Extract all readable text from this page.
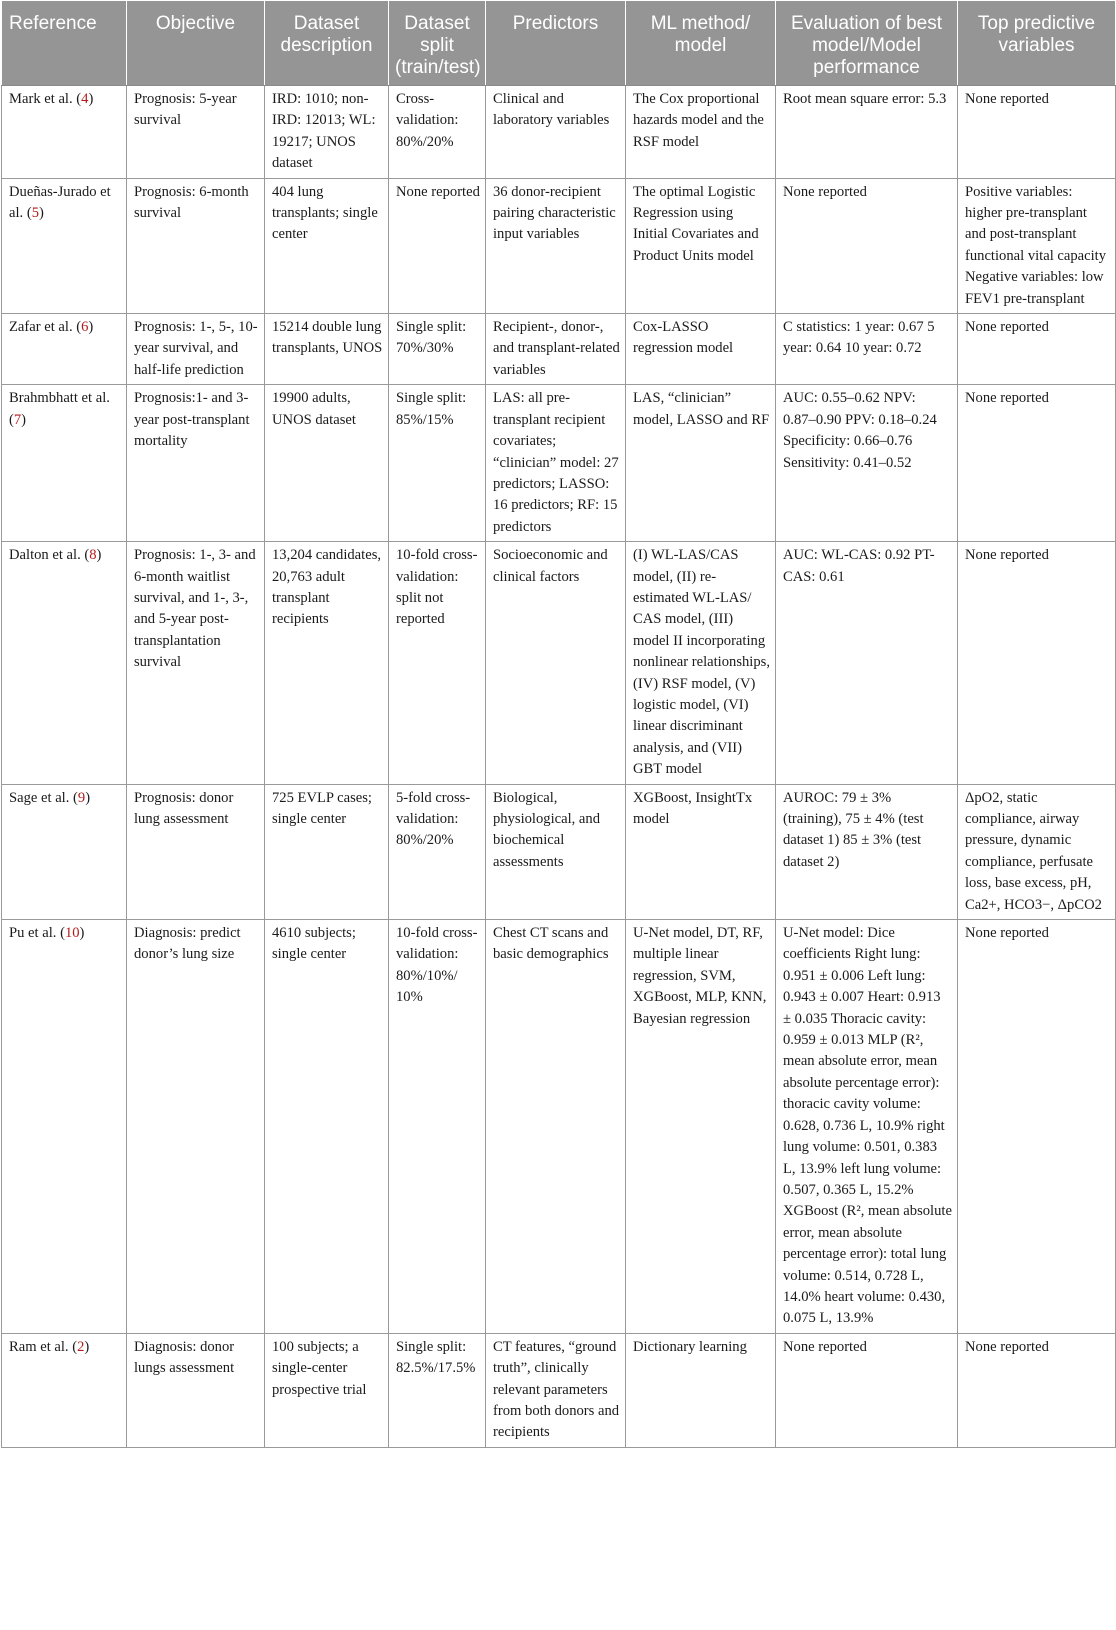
Reference	Objective	Dataset description	Dataset split (train/test)	Predictors	ML method/ model	Evaluation of best model/Model performance	Top predictive variables
Mark et al. (4)	Prognosis: 5-year survival	IRD: 1010; non-IRD: 12013; WL: 19217; UNOS dataset	Cross-validation: 80%/20%	Clinical and laboratory variables	The Cox proportional hazards model and the RSF model	Root mean square error: 5.3	None reported
Dueñas-Jurado et al. (5)	Prognosis: 6-month survival	404 lung transplants; single center	None reported	36 donor-recipient pairing characteristic input variables	The optimal Logistic Regression using Initial Covariates and Product Units model	None reported	Positive variables: higher pre-transplant and post-transplant functional vital capacity Negative variables: low FEV1 pre-transplant
Zafar et al. (6)	Prognosis: 1-, 5-, 10-year survival, and half-life prediction	15214 double lung transplants, UNOS	Single split: 70%/30%	Recipient-, donor-, and transplant-related variables	Cox-LASSO regression model	C statistics: 1 year: 0.67 5 year: 0.64 10 year: 0.72	None reported
Brahmbhatt et al. (7)	Prognosis:1- and 3-year post-transplant mortality	19900 adults, UNOS dataset	Single split: 85%/15%	LAS: all pre-transplant recipient covariates; “clinician” model: 27 predictors; LASSO: 16 predictors; RF: 15 predictors	LAS, “clinician” model, LASSO and RF	AUC: 0.55–0.62 NPV: 0.87–0.90 PPV: 0.18–0.24 Specificity: 0.66–0.76 Sensitivity: 0.41–0.52	None reported
Dalton et al. (8)	Prognosis: 1-, 3- and 6-month waitlist survival, and 1-, 3-, and 5-year post-transplantation survival	13,204 candidates, 20,763 adult transplant recipients	10-fold cross-validation: split not reported	Socioeconomic and clinical factors	(I) WL-LAS/CAS model, (II) re-estimated WL-LAS/ CAS model, (III) model II incorporating nonlinear relationships, (IV) RSF model, (V) logistic model, (VI) linear discriminant analysis, and (VII) GBT model	AUC: WL-CAS: 0.92 PT-CAS: 0.61	None reported
Sage et al. (9)	Prognosis: donor lung assessment	725 EVLP cases; single center	5-fold cross-validation: 80%/20%	Biological, physiological, and biochemical assessments	XGBoost, InsightTx model	AUROC: 79 ± 3% (training), 75 ± 4% (test dataset 1) 85 ± 3% (test dataset 2)	ΔpO2, static compliance, airway pressure, dynamic compliance, perfusate loss, base excess, pH, Ca2+, HCO3−, ΔpCO2
Pu et al. (10)	Diagnosis: predict donor’s lung size	4610 subjects; single center	10-fold cross-validation: 80%/10%/ 10%	Chest CT scans and basic demographics	U-Net model, DT, RF, multiple linear regression, SVM, XGBoost, MLP, KNN, Bayesian regression	U-Net model: Dice coefficients Right lung: 0.951 ± 0.006 Left lung: 0.943 ± 0.007 Heart: 0.913 ± 0.035 Thoracic cavity: 0.959 ± 0.013 MLP (R², mean absolute error, mean absolute percentage error): thoracic cavity volume: 0.628, 0.736 L, 10.9% right lung volume: 0.501, 0.383 L, 13.9% left lung volume: 0.507, 0.365 L, 15.2% XGBoost (R², mean absolute error, mean absolute percentage error): total lung volume: 0.514, 0.728 L, 14.0% heart volume: 0.430, 0.075 L, 13.9%	None reported
Ram et al. (2)	Diagnosis: donor lungs assessment	100 subjects; a single-center prospective trial	Single split: 82.5%/17.5%	CT features, “ground truth”, clinically relevant parameters from both donors and recipients	Dictionary learning	None reported	None reported
